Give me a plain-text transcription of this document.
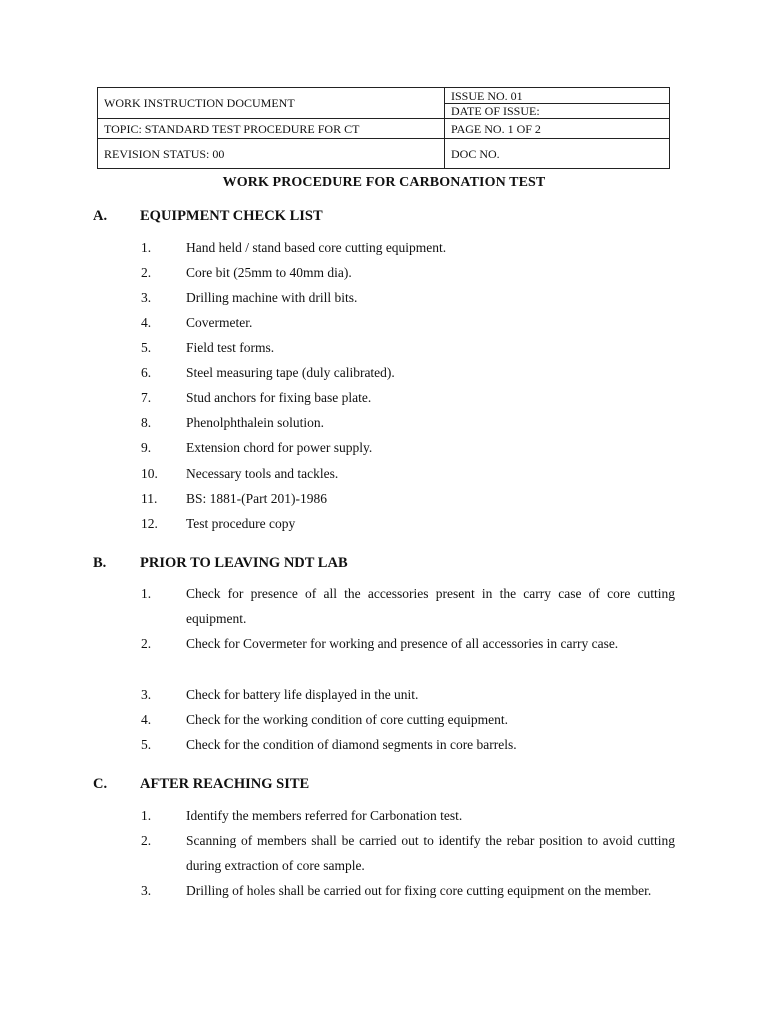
WORK INSTRUCTION DOCUMENT	ISSUE NO. 01
	DATE OF ISSUE:
TOPIC: STANDARD TEST PROCEDURE FOR CT	PAGE NO. 1 OF 2
REVISION STATUS: 00	DOC NO.
WORK PROCEDURE FOR CARBONATION TEST
A. EQUIPMENT CHECK LIST
1.	Hand held / stand based core cutting equipment.
2.	Core bit (25mm to 40mm dia).
3.	Drilling machine with drill bits.
4.	Covermeter.
5.	Field test forms.
6.	Steel measuring tape (duly calibrated).
7.	Stud anchors for fixing base plate.
8.	Phenolphthalein solution.
9.	Extension chord for power supply.
10. Necessary tools and tackles.
11. BS: 1881-(Part 201)-1986
12. Test procedure copy
B. PRIOR TO LEAVING NDT LAB
1.	Check for presence of all the accessories present in the carry case of core cutting equipment.
2.	Check for Covermeter for working and presence of all accessories in carry case.
3.	Check for battery life displayed in the unit.
4.	Check for the working condition of core cutting equipment.
5.	Check for the condition of diamond segments in core barrels.
C. AFTER REACHING SITE
1.	Identify the members referred for Carbonation test.
2.	Scanning of members shall be carried out to identify the rebar position to avoid cutting during extraction of core sample.
3.	Drilling of holes shall be carried out for fixing core cutting equipment on the member.
